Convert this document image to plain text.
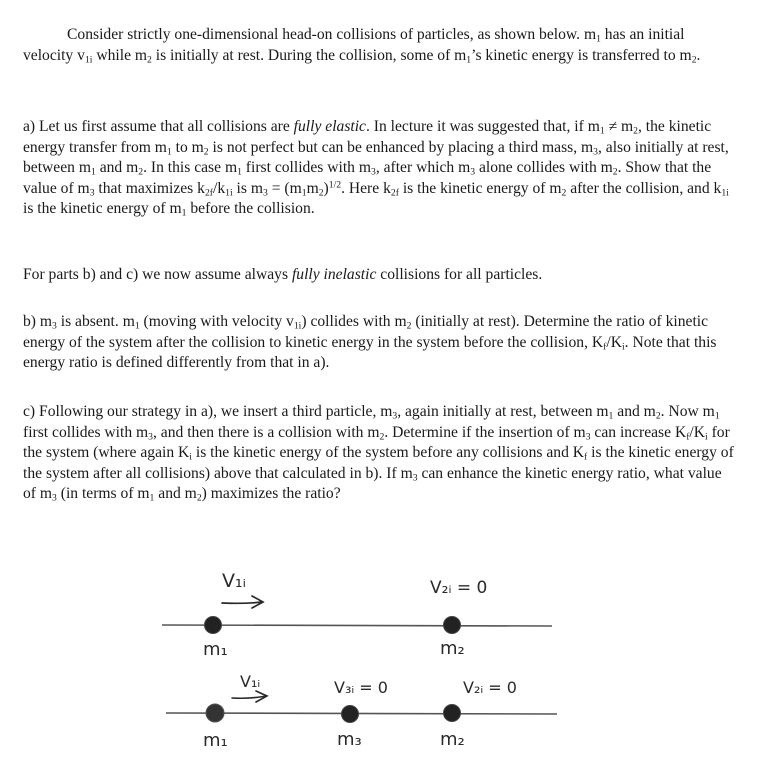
Consider strictly one-dimensional head-on collisions of particles, as shown below. $m_1$ has an initial velocity $v_{1i}$ while $m_2$ is initially at rest. During the collision, some of $m_1’s$ kinetic energy is transferred to $m_2$.

a) Let us first assume that all collisions are fully elastic. In lecture it was suggested that, if $m_1 \ne m_2$, the kinetic energy transfer from $m_1$ to $m_2$ is not perfect but can be enhanced by placing a third mass, $m_3$, also initially at rest, between $m_1$ and $m_2$. In this case $m_1$ first collides with $m_3$, after which $m_3$ alone collides with $m_2$. Show that the value of $m_3$ that maximizes $k_{2f}/k_{1i}$ is $m_3 = (m_1m_2)^{1/2}$. Here $k_{2f}$ is the kinetic energy of $m_2$ after the collision, and $k_{1i}$ is the kinetic energy of $m_1$ before the collision.

For parts b) and c) we now assume always fully inelastic collisions for all particles.

b) $m_3$ is absent. $m_1$ (moving with velocity $v_{1i}$) collides with $m_2$ (initially at rest). Determine the ratio of kinetic energy of the system after the collision to kinetic energy in the system before the collision, $K_f/K_i$. Note that this energy ratio is defined differently from that in a).

c) Following our strategy in a), we insert a third particle, $m_3$, again initially at rest, between $m_1$ and $m_2$. Now $m_1$ first collides with $m_3$, and then there is a collision with $m_2$. Determine if the insertion of $m_3$ can increase $K_f/K_i$ for the system (where again $K_i$ is the kinetic energy of the system before any collisions and $K_f$ is the kinetic energy of the system after all collisions) above that calculated in b). If $m_3$ can enhance the kinetic energy ratio, what value of $m_3$ (in terms of $m_1$ and $m_2$) maximizes the ratio?

V₁ᵢ
m₁
V₂ᵢ = 0
m₂
V₁ᵢ
m₁
V₃ᵢ = 0
m₃
V₂ᵢ = 0
m₂
